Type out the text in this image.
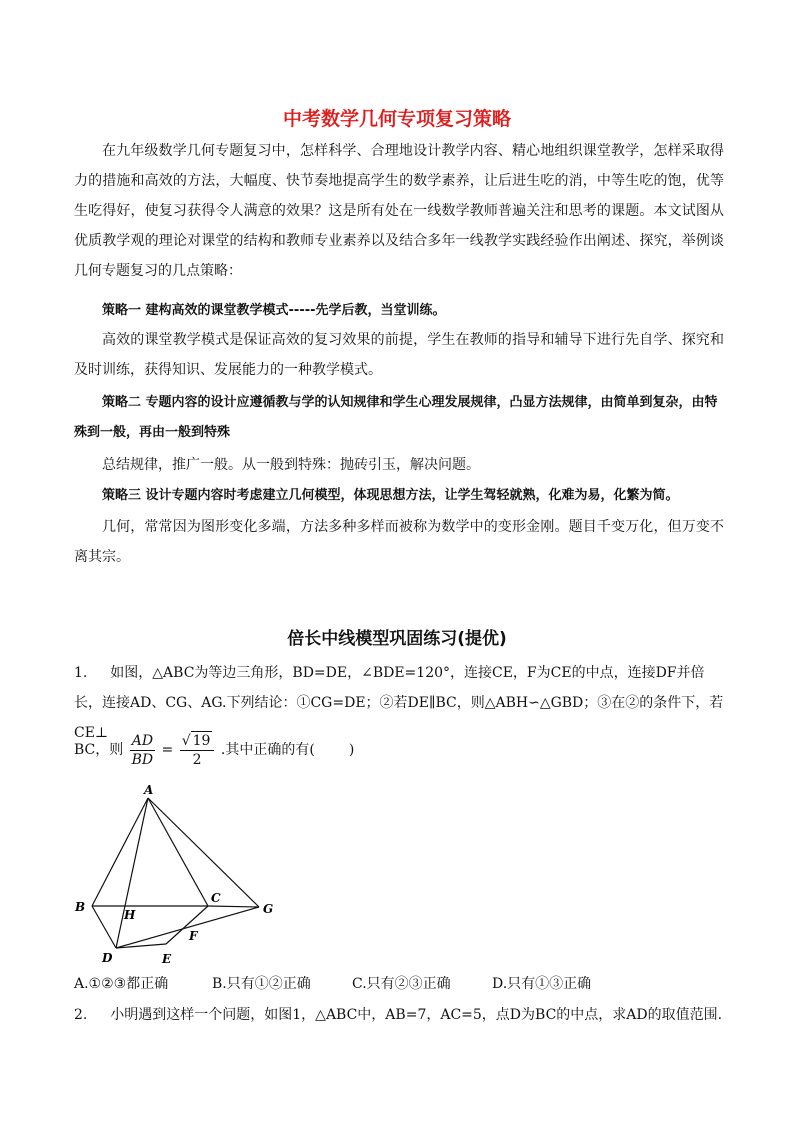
中考数学几何专项复习策略

在九年级数学几何专题复习中，怎样科学、合理地设计教学内容、精心地组织课堂教学，怎样采取得力的措施和高效的方法，大幅度、快节奏地提高学生的数学素养，让后进生吃的消，中等生吃的饱，优等生吃得好，使复习获得令人满意的效果？这是所有处在一线数学教师普遍关注和思考的课题。本文试图从优质教学观的理论对课堂的结构和教师专业素养以及结合多年一线教学实践经验作出阐述、探究，举例谈几何专题复习的几点策略：

策略一 建构高效的课堂教学模式-----先学后教，当堂训练。

高效的课堂教学模式是保证高效的复习效果的前提，学生在教师的指导和辅导下进行先自学、探究和及时训练，获得知识、发展能力的一种教学模式。

策略二 专题内容的设计应遵循教与学的认知规律和学生心理发展规律，凸显方法规律，由简单到复杂，由特殊到一般，再由一般到特殊

总结规律，推广一般。从一般到特殊：抛砖引玉，解决问题。

策略三 设计专题内容时考虑建立几何模型，体现思想方法，让学生驾轻就熟，化难为易，化繁为简。

几何，常常因为图形变化多端，方法多种多样而被称为数学中的变形金刚。题目千变万化，但万变不离其宗。

倍长中线模型巩固练习(提优)

1. 如图，△ABC为等边三角形，BD=DE，∠BDE=120°，连接CE，F为CE的中点，连接DF并倍长，连接AD、CG、AG.下列结论：①CG=DE；②若DE∥BC，则△ABH∽△GBD；③在②的条件下，若CE⊥

BC，则 $\frac{AD}{BD} = \frac{√ 19}{2}$ .其中正确的有( )
A
B
C
D	E
F
G
H
A.①②③都正确	B.只有①②正确	C.只有②③正确	D.只有①③正确

2. 小明遇到这样一个问题，如图1，△ABC中，AB=7，AC=5，点D为BC的中点，求AD的取值范围.
